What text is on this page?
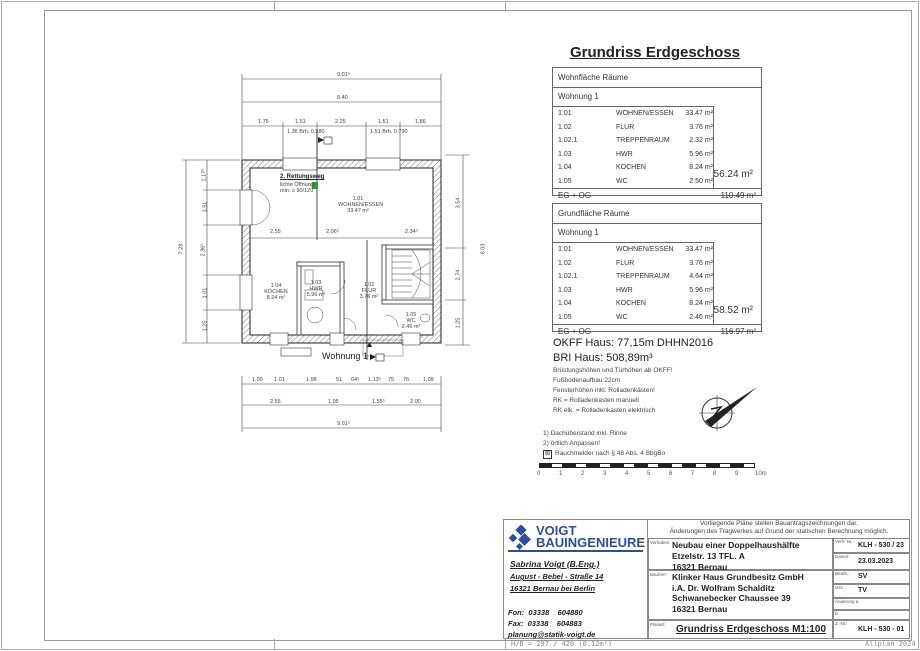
Grundriss Erdgeschoss
Wohnfläche Räume
Wohnung 1
1.01	WOHNEN/ESSEN	33.47 m²
1.02	FLUR	3.76 m²
1.02.1	TREPPENRAUM	2.32 m²
1.03	HWR	5.96 m²
1.04	KOCHEN	8.24 m²
1.05	WC	2.50 m²
56.24 m²
EG + OG	110.49 m²
Grundfläche Räume
Wohnung 1
1.01	WOHNEN/ESSEN	33.47 m²
1.02	FLUR	3.76 m²
1.02.1	TREPPENRAUM	4.64 m²
1.03	HWR	5.96 m²
1.04	KOCHEN	8.24 m²
1.05	WC	2.46 m²
58.52 m²
EG + OG	116.97 m²
OKFF Haus: 77,15m DHHN2016
BRI Haus: 508,89m³
Brüstungshöhen und Türhöhen ab OKFF!
Fußbodenaufbau 22cm
Fensterhöhen inkl. Rolladenkästen!
RK = Rolladenkasten manuell
RK elk. = Rolladenkasten elektrisch
1) Dachüberstand inkl. Rinne
2) örtlich Anpassen!
⊠ Rauchmelder nach § 48 Abs. 4 BbgBo
0	1	2	3	4	5	6	7	8	9	10m
9.01⁵
8.40
1.75	1.51	2.25	1.51	1.86
1.36 Brh. 0.880	1.51 Brh. 0.790
2. Rettungsweg
lichte Öffnung
min. ≥ 90/120
1.01
WOHNEN/ESSEN
33.47 m²
1.04
KOCHEN
8.24 m²
1.03
HWR
5.96 m²
1.02
FLUR
3.76 m²
1.05
WC
2.46 m²
2.55	2.06⁵	2.34⁵
Wohnung 1
1.00 1.01	1.98	51 64⁵ 1.13⁵ 75 76	1.09
2.55	1.95	1.55⁵	2.00
9.01⁵
7.28
1.17⁵
1.51
2.36⁵
1.01
1.25
8.03
3.54
2.74
1.25
VOIGT
BAUINGENIEURE
Sabrina Voigt (B.Eng.)
August - Bebel - Straße 14
16321 Bernau bei Berlin
Fon:  03338    604880
Fax:  03338    604883
planung@statik-voigt.de
Vorliegende Pläne stellen Bauantragszeichnungen dar.
Änderungen des Tragwerkes auf Grund der statischen Berechnung möglich.
Vorhaben: Neubau einer Doppelhaushälfte
Etzelstr. 13 TFL. A
16321 Bernau
Bauherr: Klinker Haus Grundbesitz GmbH
i.A. Dr. Wolfram Schalditz
Schwanebecker Chaussee 39
16321 Bernau
Planart: Grundriss Erdgeschoss M1:100
Verfr. Nr.:
KLH - 530 / 23
Datum:
23.03.2023
Bearb.: SV
Gez.: TV
Änderung a:
b:
Z.-Nr.:
KLH - 530 - 01
H/B = 297 / 420 (0.12m²)	Allplan 2024
